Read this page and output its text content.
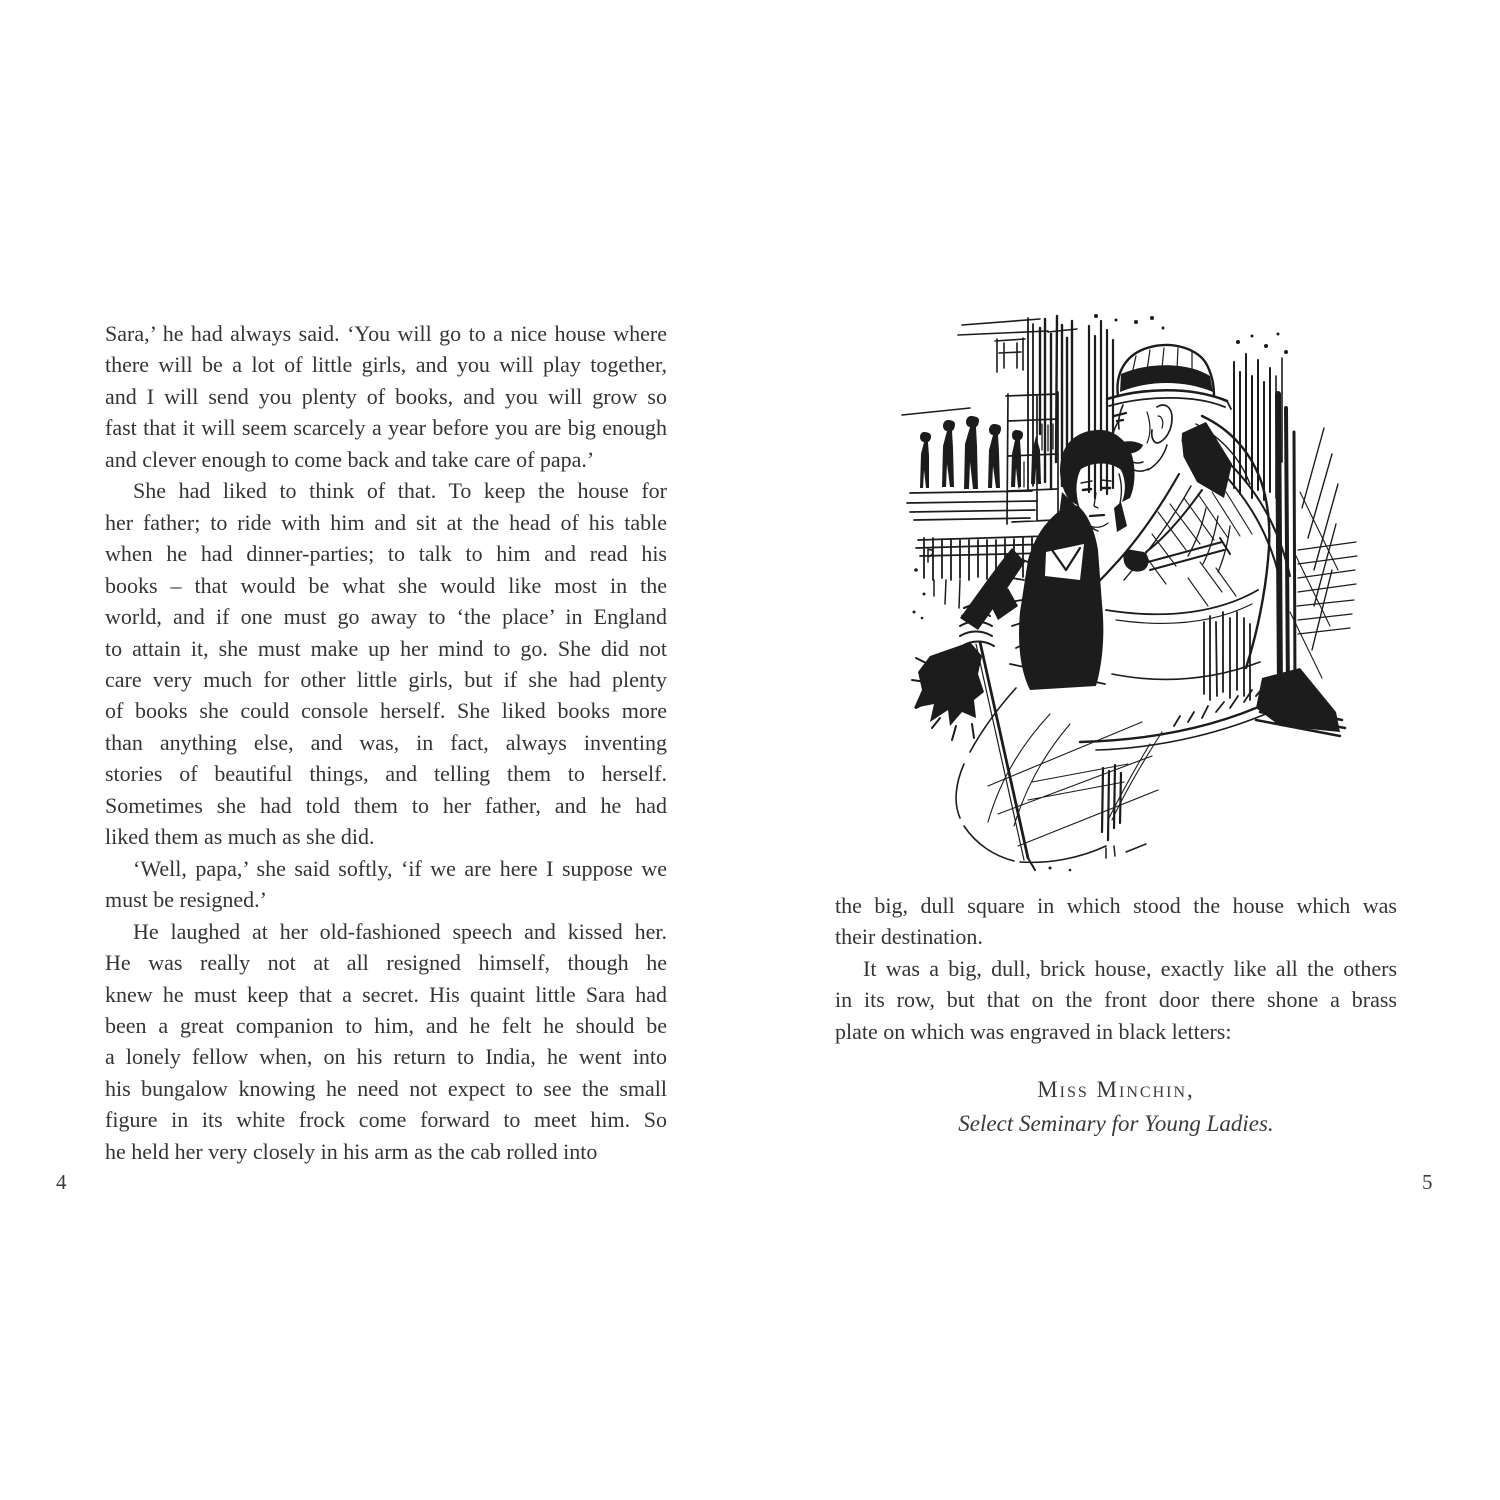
Sara,’ he had always said. ‘You will go to a nice house where
there will be a lot of little girls, and you will play together,
and I will send you plenty of books, and you will grow so
fast that it will seem scarcely a year before you are big enough
and clever enough to come back and take care of papa.’
She had liked to think of that. To keep the house for
her father; to ride with him and sit at the head of his table
when he had dinner-parties; to talk to him and read his
books – that would be what she would like most in the
world, and if one must go away to ‘the place’ in England
to attain it, she must make up her mind to go. She did not
care very much for other little girls, but if she had plenty
of books she could console herself. She liked books more
than anything else, and was, in fact, always inventing
stories of beautiful things, and telling them to herself.
Sometimes she had told them to her father, and he had
liked them as much as she did.
‘Well, papa,’ she said softly, ‘if we are here I suppose we
must be resigned.’
He laughed at her old-fashioned speech and kissed her.
He was really not at all resigned himself, though he
knew he must keep that a secret. His quaint little Sara had
been a great companion to him, and he felt he should be
a lonely fellow when, on his return to India, he went into
his bungalow knowing he need not expect to see the small
figure in its white frock come forward to meet him. So
he held her very closely in his arm as the cab rolled into
the big, dull square in which stood the house which was
their destination.
It was a big, dull, brick house, exactly like all the others
in its row, but that on the front door there shone a brass
plate on which was engraved in black letters:
Miss Minchin,
Select Seminary for Young Ladies.
4	5
